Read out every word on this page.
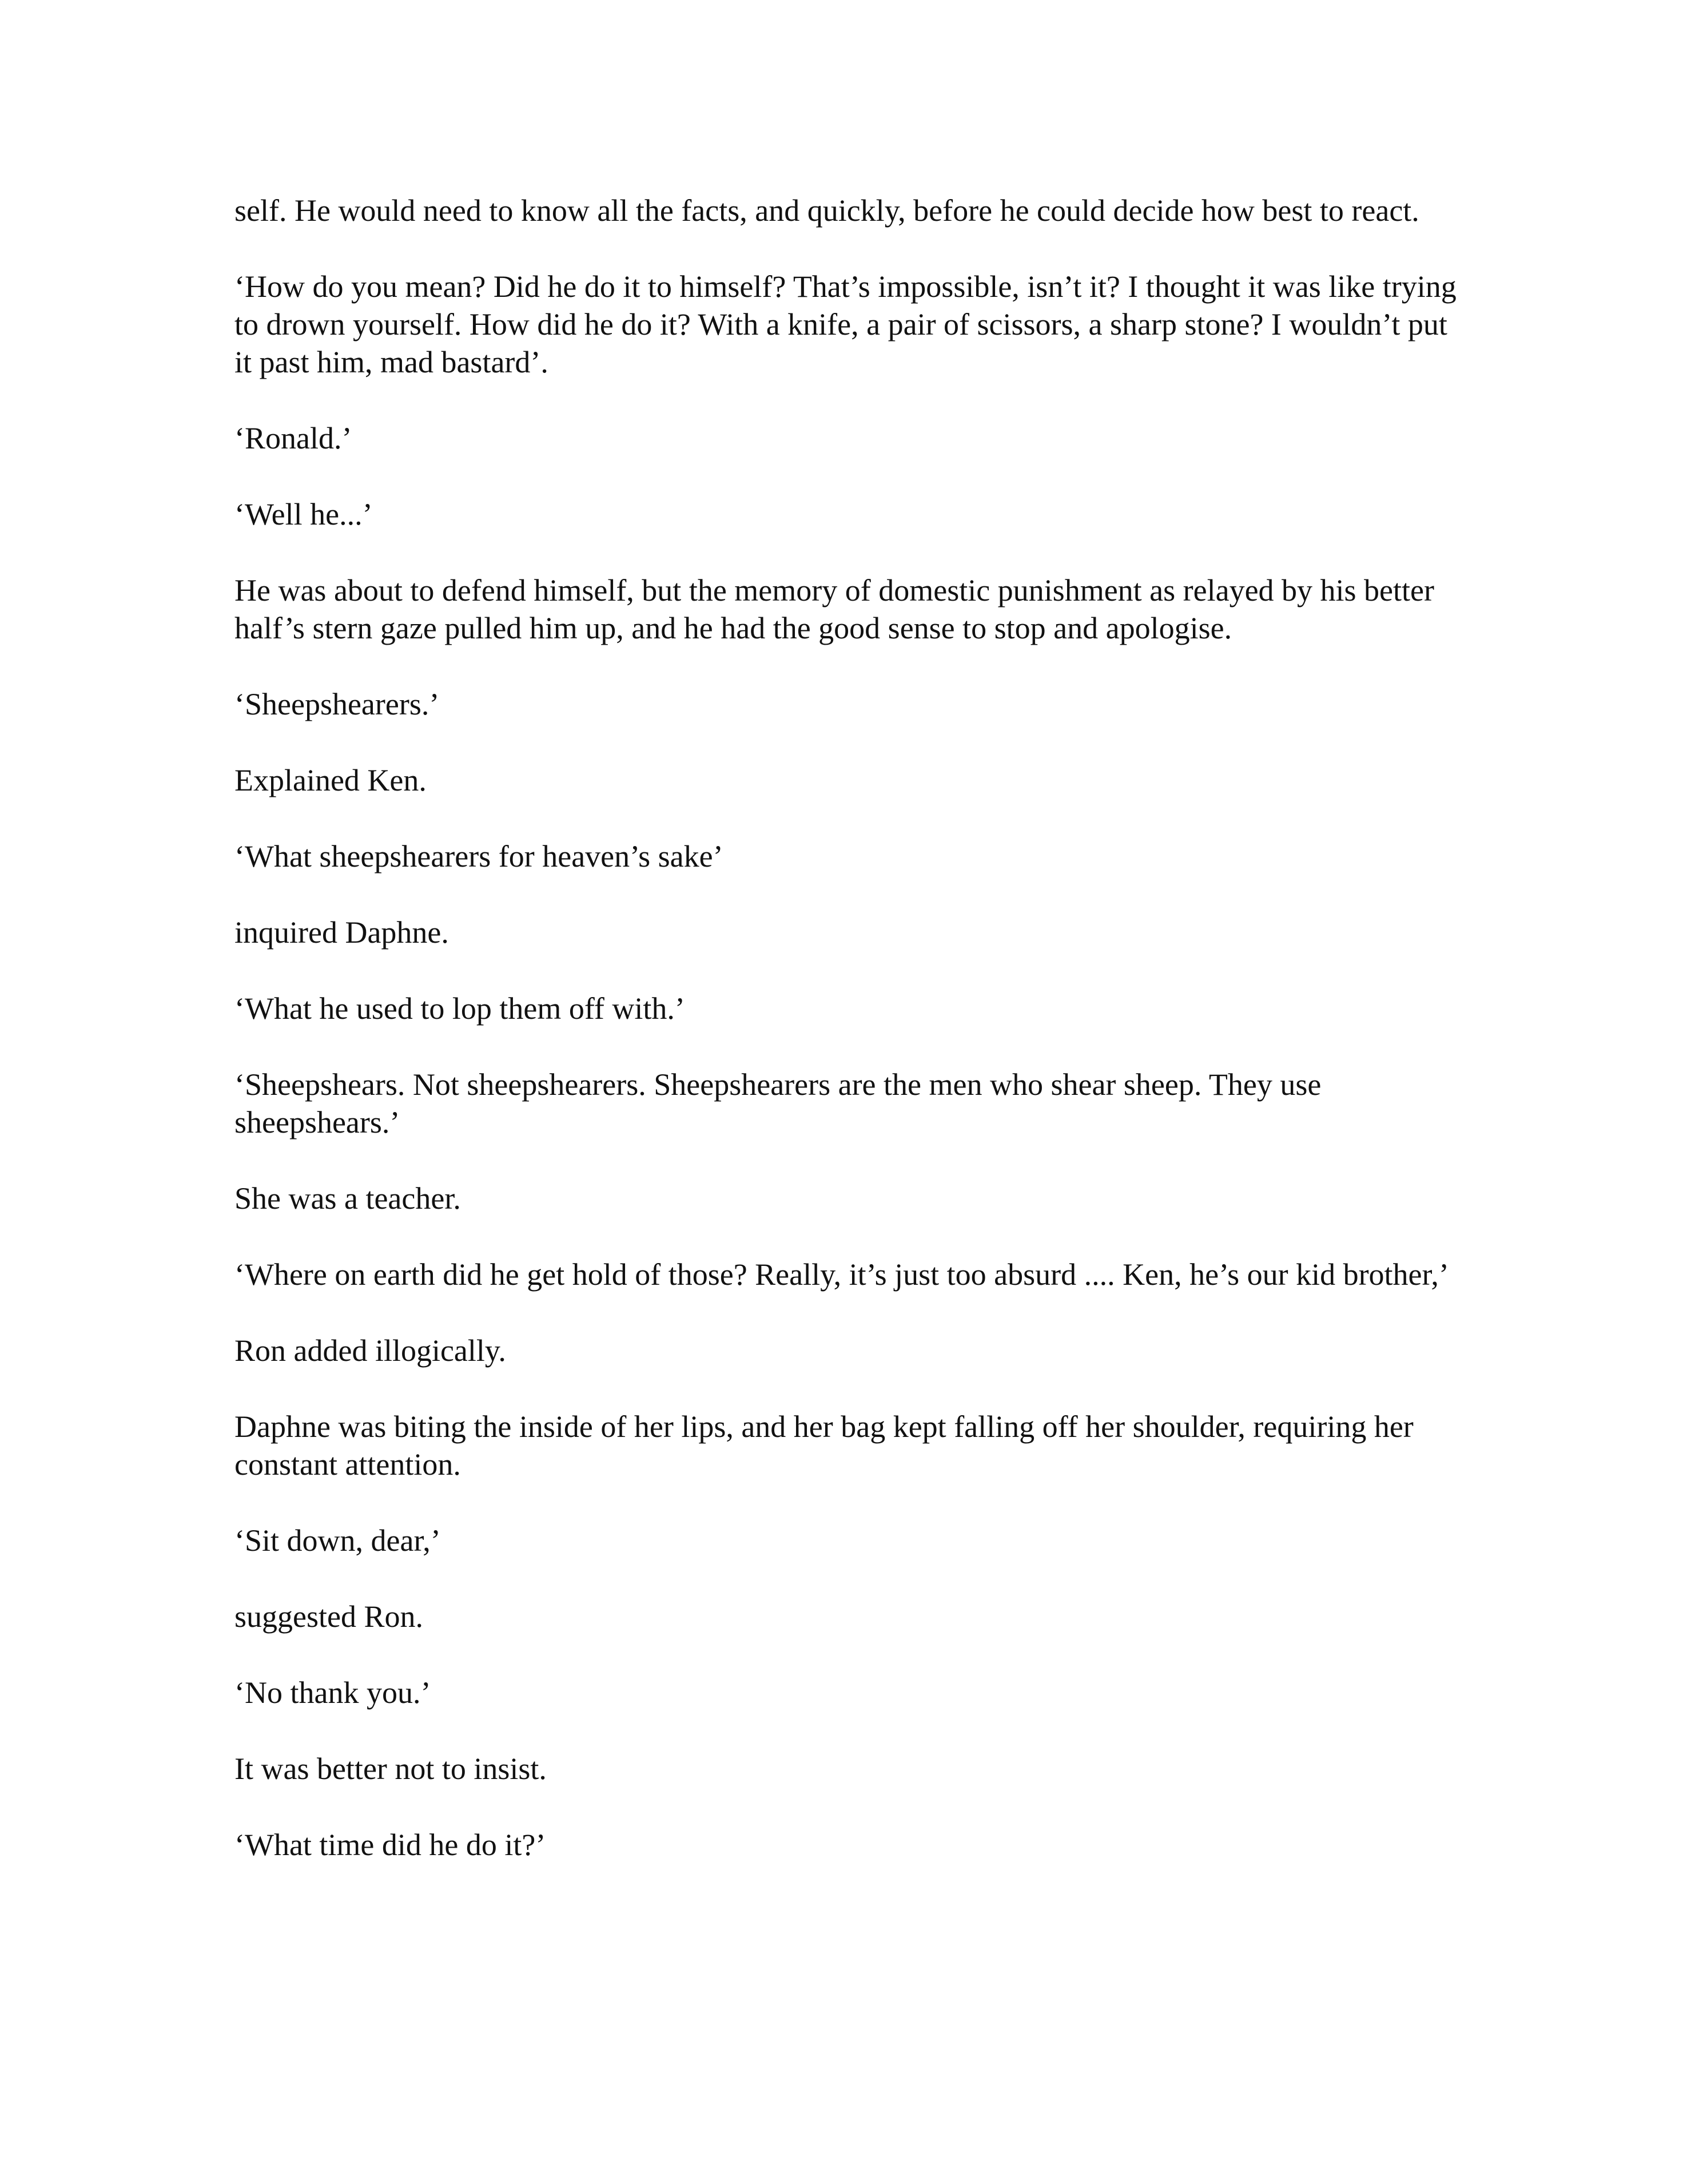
self. He would need to know all the facts, and quickly, before he could decide how best to react.

‘How do you mean? Did he do it to himself? That’s impossible, isn’t it? I thought it was like trying to drown yourself. How did he do it? With a knife, a pair of scissors, a sharp stone? I wouldn’t put it past him, mad bastard’.

‘Ronald.’

‘Well he...’

He was about to defend himself, but the memory of domestic punishment as relayed by his better half’s stern gaze pulled him up, and he had the good sense to stop and apologise.

‘Sheepshearers.’

Explained Ken.

‘What sheepshearers for heaven’s sake’

inquired Daphne.

‘What he used to lop them off with.’

‘Sheepshears. Not sheepshearers. Sheepshearers are the men who shear sheep. They use sheepshears.’

She was a teacher.

‘Where on earth did he get hold of those? Really, it’s just too absurd .... Ken, he’s our kid brother,’

Ron added illogically.

Daphne was biting the inside of her lips, and her bag kept falling off her shoulder, requiring her constant attention.

‘Sit down, dear,’

suggested Ron.

‘No thank you.’

It was better not to insist.

‘What time did he do it?’
